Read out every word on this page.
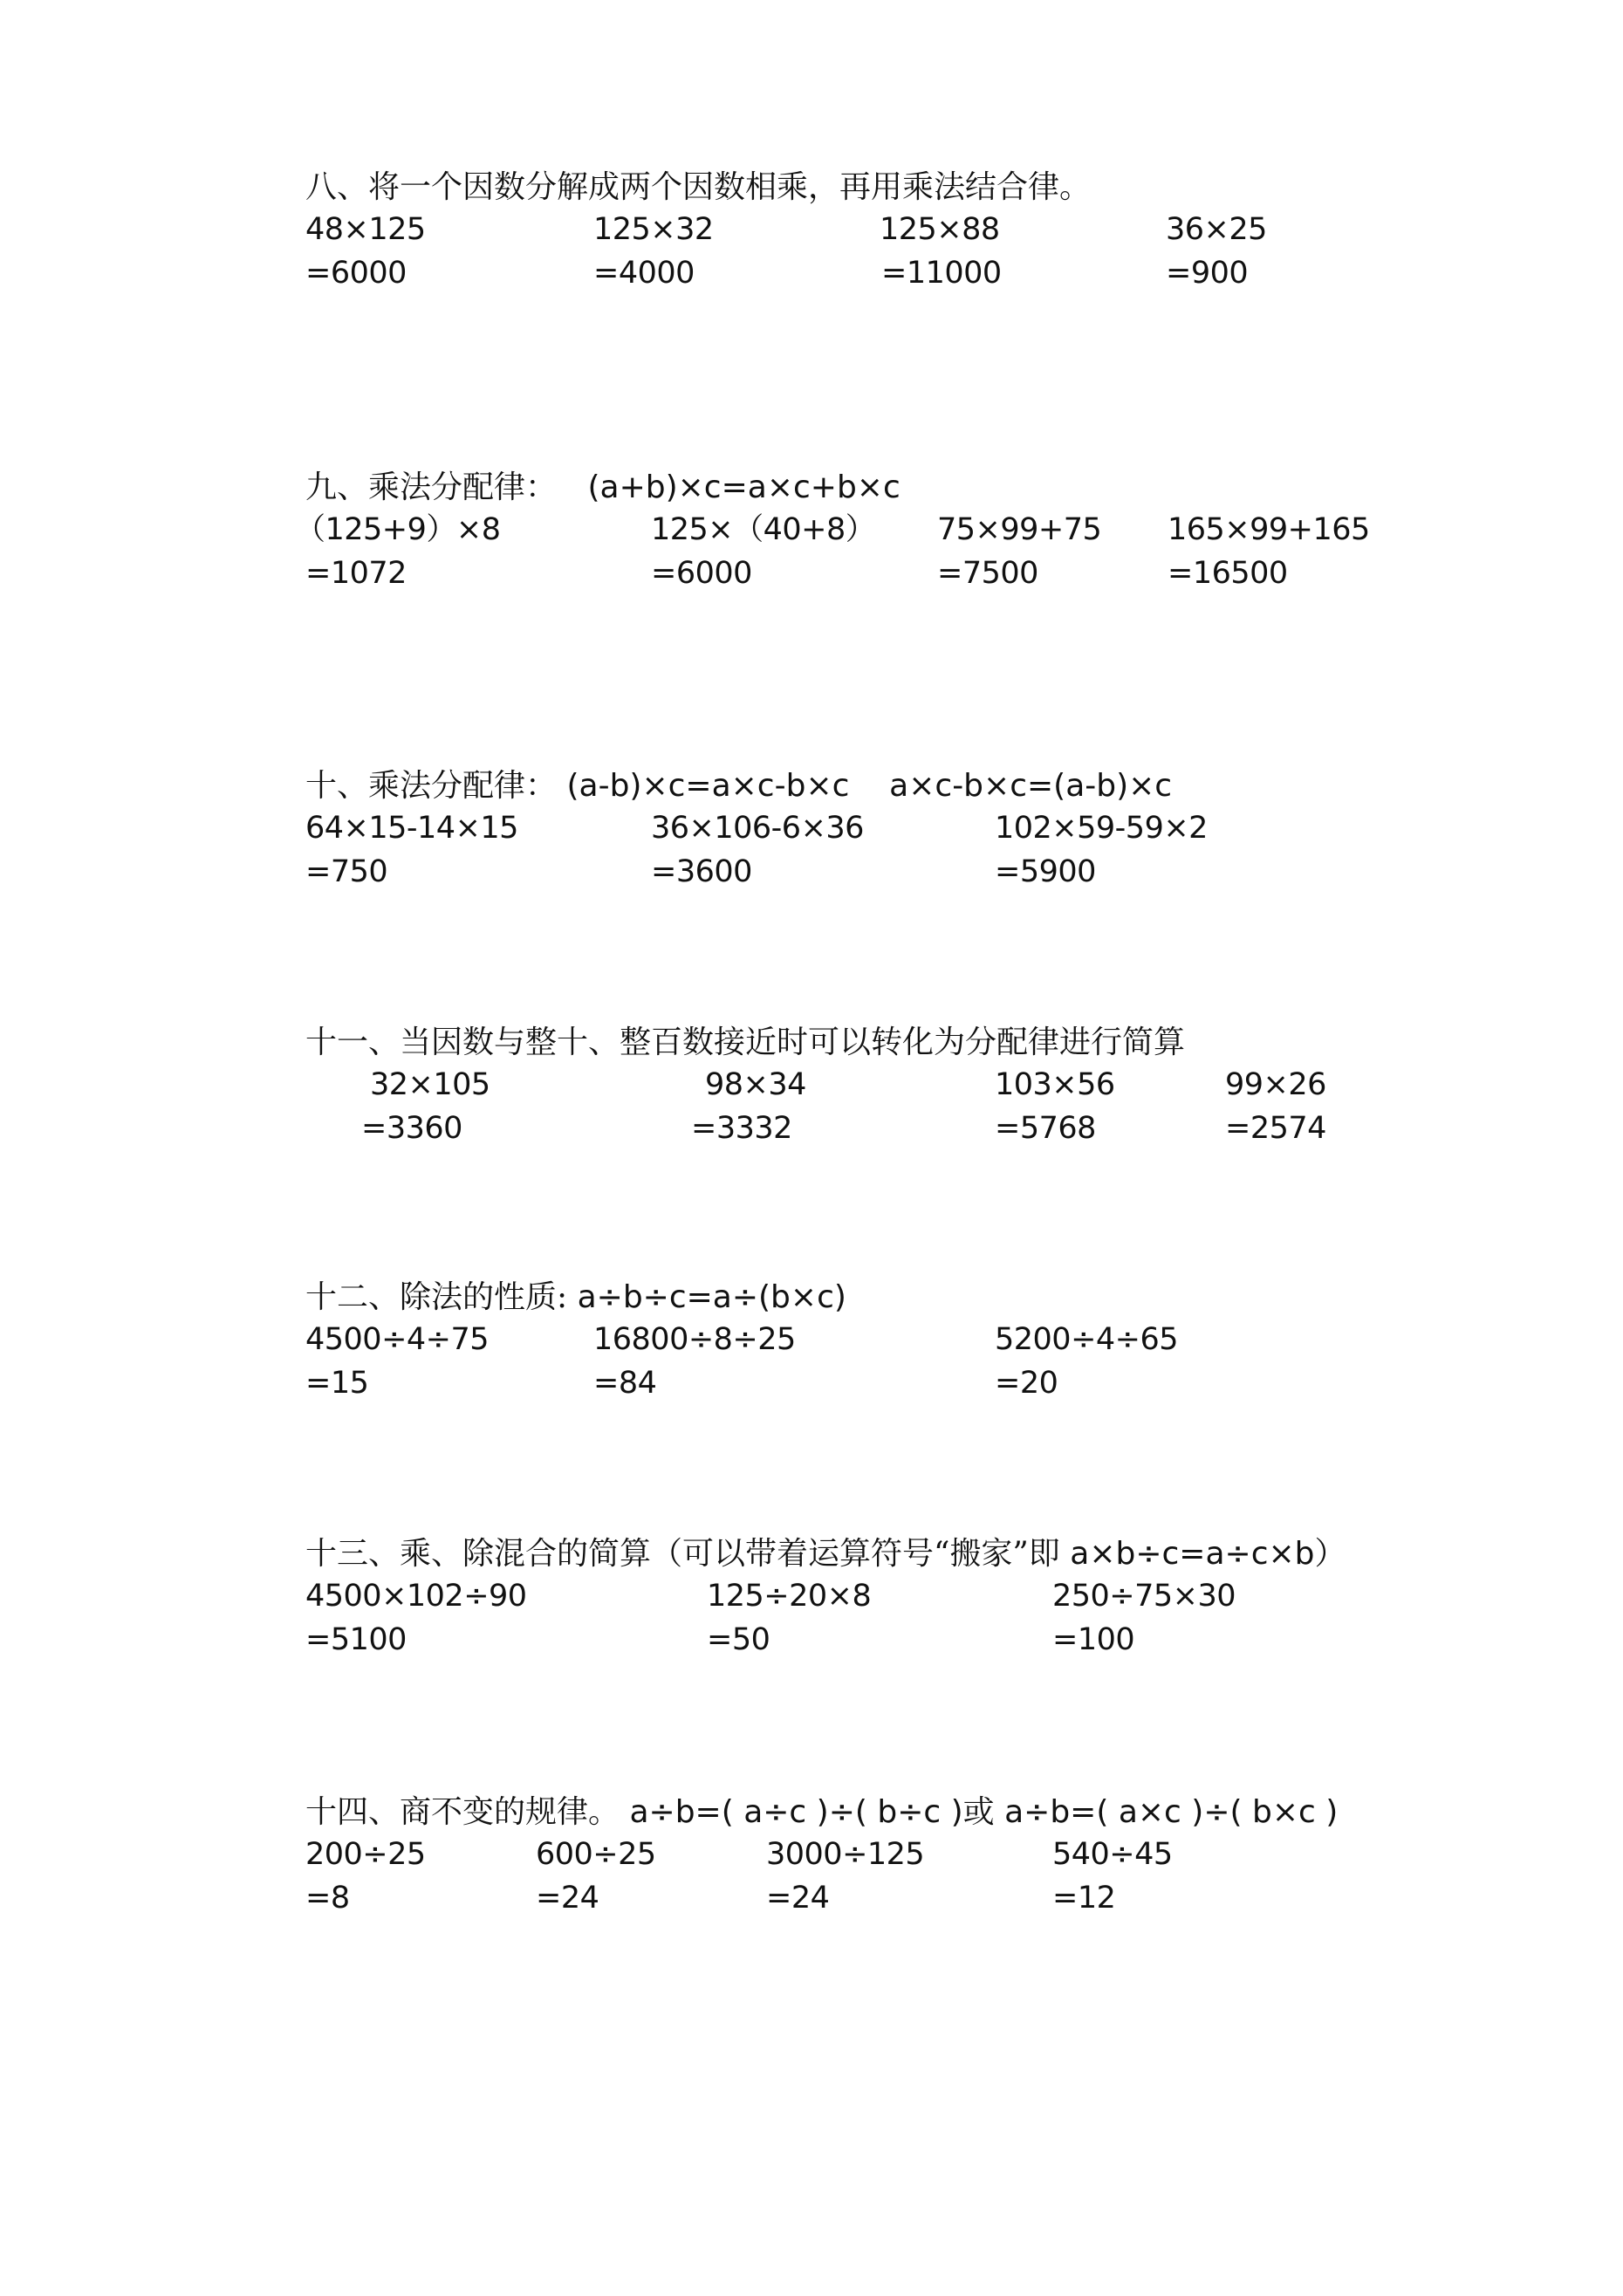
八、将一个因数分解成两个因数相乘，再用乘法结合律。
48×125
=6000
125×32
=4000
125×88
=11000
36×25
=900
九、乘法分配律： (a+b)×c=a×c+b×c
（125+9）×8
=1072
125×（40+8）
=6000
75×99+75
=7500
165×99+165
=16500
十、乘法分配律： (a-b)×c=a×c-b×c    a×c-b×c=(a-b)×c
64×15-14×15
=750
36×106-6×36
=3600
102×59-59×2
=5900
十一、当因数与整十、整百数接近时可以转化为分配律进行简算
32×105
=3360
98×34
=3332
103×56
=5768
99×26
=2574
十二、除法的性质: a÷b÷c=a÷(b×c)
4500÷4÷75
=15
16800÷8÷25
=84
5200÷4÷65
=20
十三、乘、除混合的简算（可以带着运算符号“搬家”即 a×b÷c=a÷c×b）
4500×102÷90
=5100
125÷20×8
=50
250÷75×30
=100
十四、商不变的规律。 a÷b=( a÷c )÷( b÷c )或 a÷b=( a×c )÷( b×c )
200÷25
=8
600÷25
=24
3000÷125
=24
540÷45
=12
